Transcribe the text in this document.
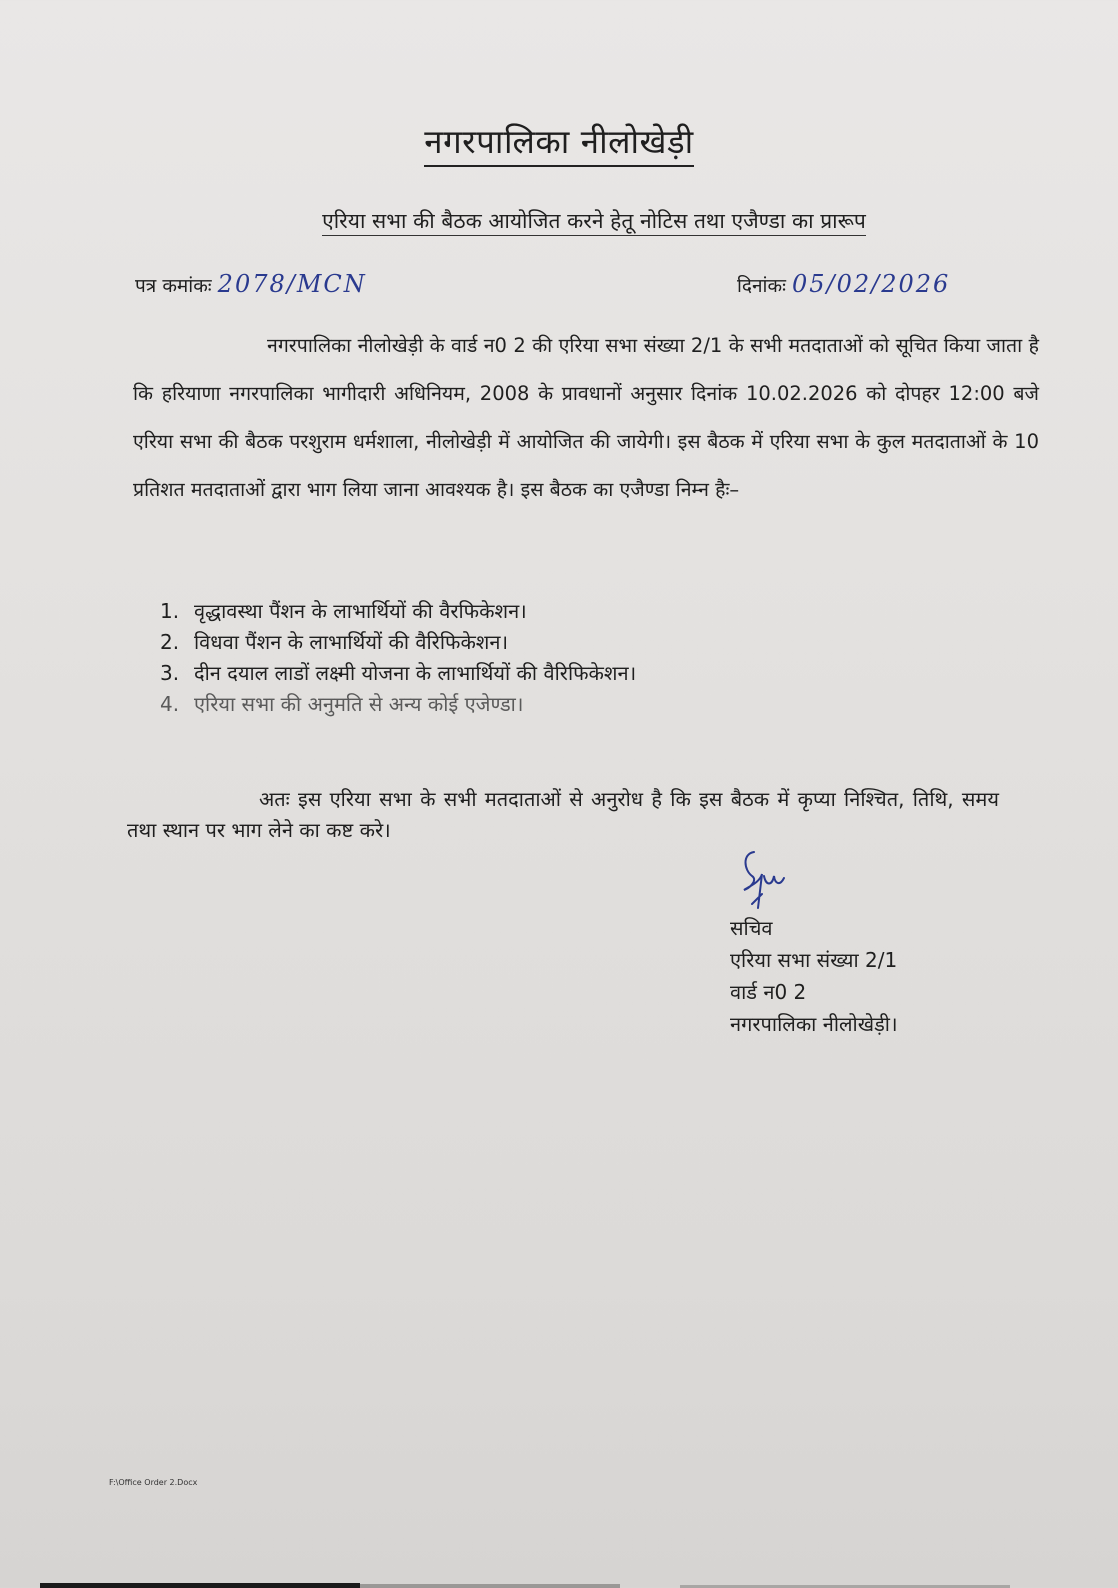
नगरपालिका नीलोखेड़ी
एरिया सभा की बैठक आयोजित करने हेतू नोटिस तथा एजैण्डा का प्रारूप
पत्र कमांकः 2078/MCN	दिनांकः 05/02/2026
नगरपालिका नीलोखेड़ी के वार्ड न0 2 की एरिया सभा संख्या 2/1 के सभी मतदाताओं को सूचित किया जाता है कि हरियाणा नगरपालिका भागीदारी अधिनियम, 2008 के प्रावधानों अनुसार दिनांक 10.02.2026 को दोपहर 12:00 बजे एरिया सभा की बैठक परशुराम धर्मशाला, नीलोखेड़ी में आयोजित की जायेगी। इस बैठक में एरिया सभा के कुल मतदाताओं के 10 प्रतिशत मतदाताओं द्वारा भाग लिया जाना आवश्यक है। इस बैठक का एजैण्डा निम्न हैः–
1. वृद्धावस्था पैंशन के लाभार्थियों की वैरफिकेशन।
2. विधवा पैंशन के लाभार्थियों की वैरिफिकेशन।
3. दीन दयाल लाडों लक्ष्मी योजना के लाभार्थियों की वैरिफिकेशन।
4. एरिया सभा की अनुमति से अन्य कोई एजेण्डा।
अतः इस एरिया सभा के सभी मतदाताओं से अनुरोध है कि इस बैठक में कृप्या निश्चित, तिथि, समय तथा स्थान पर भाग लेने का कष्ट करे।
सचिव
एरिया सभा संख्या 2/1
वार्ड न0 2
नगरपालिका नीलोखेड़ी।
F:\Office Order 2.Docx
